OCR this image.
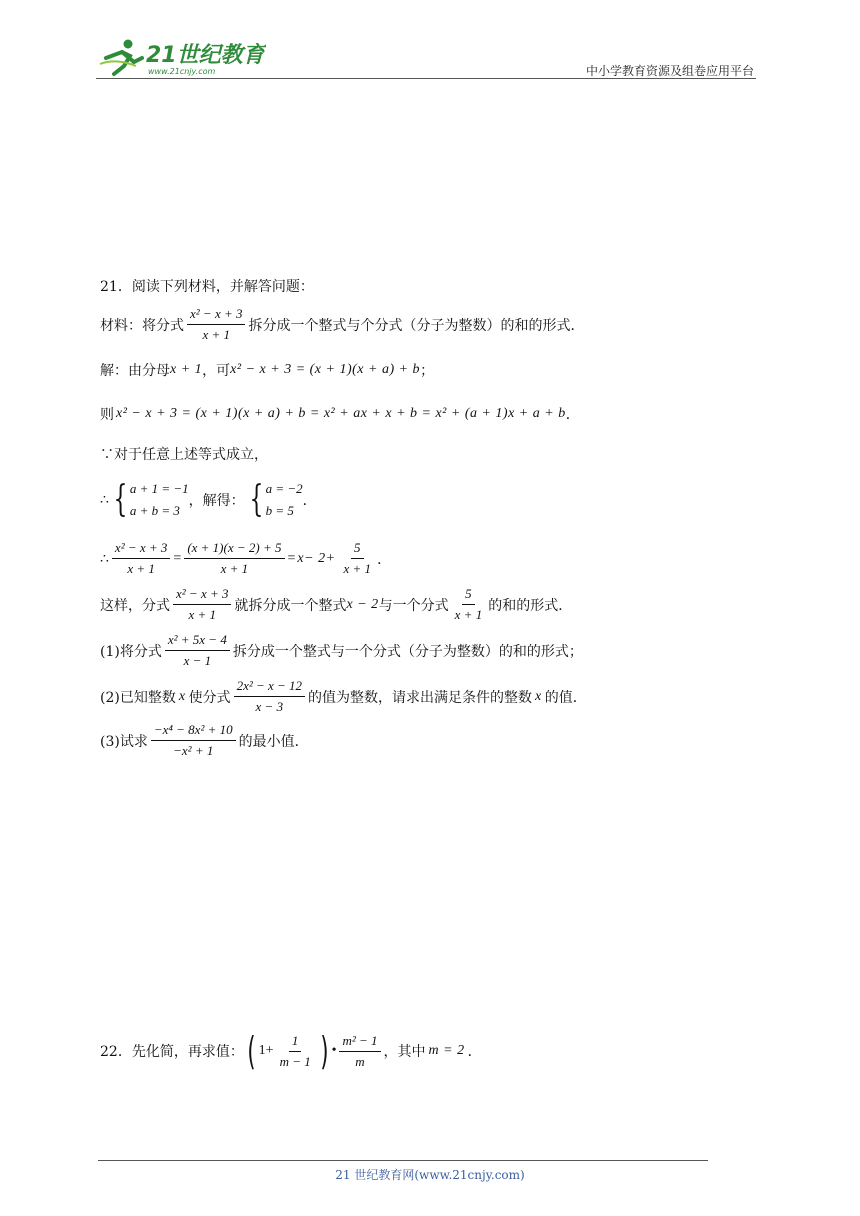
21世纪教育
www.21cnjy.com	中小学教育资源及组卷应用平台
21．阅读下列材料，并解答问题：
材料：将分式 $\frac{\text{x² − x + 3}}{x + 1}$ 拆分成一个整式与个分式（分子为整数）的和的形式．
解：由分母 x + 1 ，可 x² − x + 3 = (x + 1)(x + a) + b ；
则 x² − x + 3 = (x + 1)(x + a) + b = x² + ax + x + b = x² + (a + 1)x + a + b ．
∵对于任意上述等式成立，
∴ { a + 1 = −1
a + b = 3
，解得： { a = −2
b = 5
．
∴ $\frac{\text{x² − x + 3}}{x + 1} = \frac{(x + 1)(x - 2) + 5}{x + 1} = x- 2+ \frac{5}{x + 1}$ ．
这样，分式 $\frac{\text{x² − x + 3}}{x + 1}$ 就拆分成一个整式 x − 2 与一个分式 $\frac{5}{x + 1}$ 的和的形式．
(1)将分式 $\frac{\text{x² + 5x − 4}}{x - 1}$ 拆分成一个整式与一个分式（分子为整数）的和的形式；
(2)已知整数 x 使分式 $\frac{\text{2x² − x − 12}}{x - 3}$ 的值为整数，请求出满足条件的整数 x 的值．
(3)试求 $\frac{\text{−x⁴ − 8x² + 10}}{\text{−x² + 1}}$ 的最小值．
22．先化简，再求值： ( $1+ \frac{1}{m - 1}$ ) • $\frac{\text{m² − 1}}{m}$ ，其中 m = 2 ．
21 世纪教育网(www.21cnjy.com)
